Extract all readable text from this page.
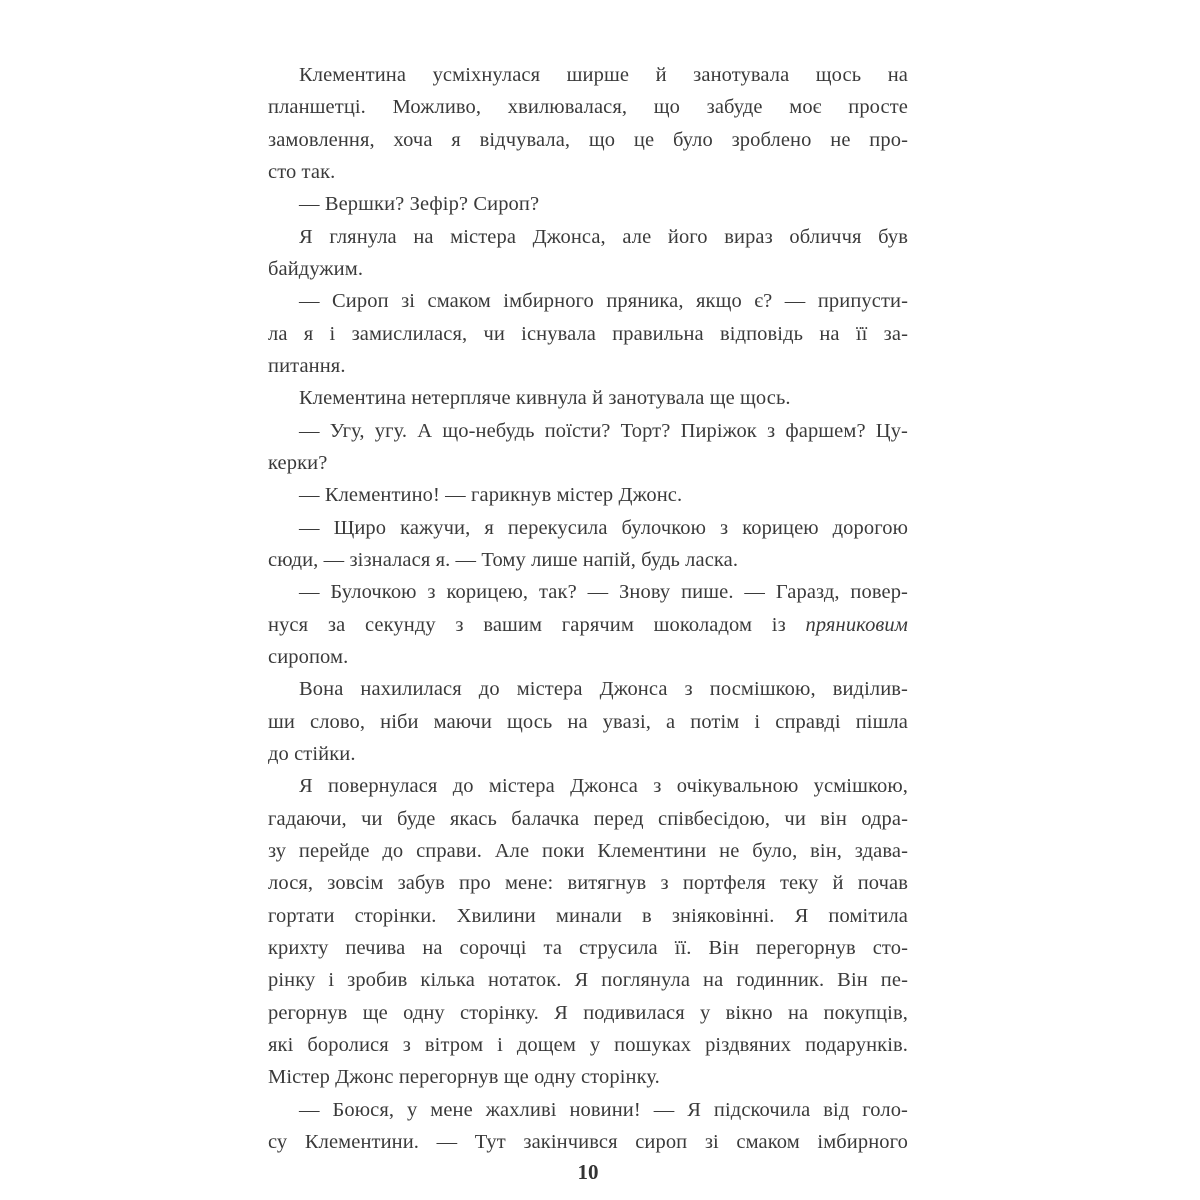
Клементина усміхнулася ширше й занотувала щось на
планшетці. Можливо, хвилювалася, що забуде моє просте
замовлення, хоча я відчувала, що це було зроблено не про-
сто так.
— Вершки? Зефір? Сироп?
Я глянула на містера Джонса, але його вираз обличчя був
байдужим.
— Сироп зі смаком імбирного пряника, якщо є? — припусти-
ла я і замислилася, чи існувала правильна відповідь на її за-
питання.
Клементина нетерпляче кивнула й занотувала ще щось.
— Угу, угу. А що-небудь поїсти? Торт? Пиріжок з фаршем? Цу-
керки?
— Клементино! — гарикнув містер Джонс.
— Щиро кажучи, я перекусила булочкою з корицею дорогою
сюди, — зізналася я. — Тому лише напій, будь ласка.
— Булочкою з корицею, так? — Знову пише. — Гаразд, повер-
нуся за секунду з вашим гарячим шоколадом із пряниковим
сиропом.
Вона нахилилася до містера Джонса з посмішкою, виділив-
ши слово, ніби маючи щось на увазі, а потім і справді пішла
до стійки.
Я повернулася до містера Джонса з очікувальною усмішкою,
гадаючи, чи буде якась балачка перед співбесідою, чи він одра-
зу перейде до справи. Але поки Клементини не було, він, здава-
лося, зовсім забув про мене: витягнув з портфеля теку й почав
гортати сторінки. Хвилини минали в зніяковінні. Я помітила
крихту печива на сорочці та струсила її. Він перегорнув сто-
рінку і зробив кілька нотаток. Я поглянула на годинник. Він пе-
регорнув ще одну сторінку. Я подивилася у вікно на покупців,
які боролися з вітром і дощем у пошуках різдвяних подарунків.
Містер Джонс перегорнув ще одну сторінку.
— Боюся, у мене жахливі новини! — Я підскочила від голо-
су Клементини. — Тут закінчився сироп зі смаком імбирного
10
